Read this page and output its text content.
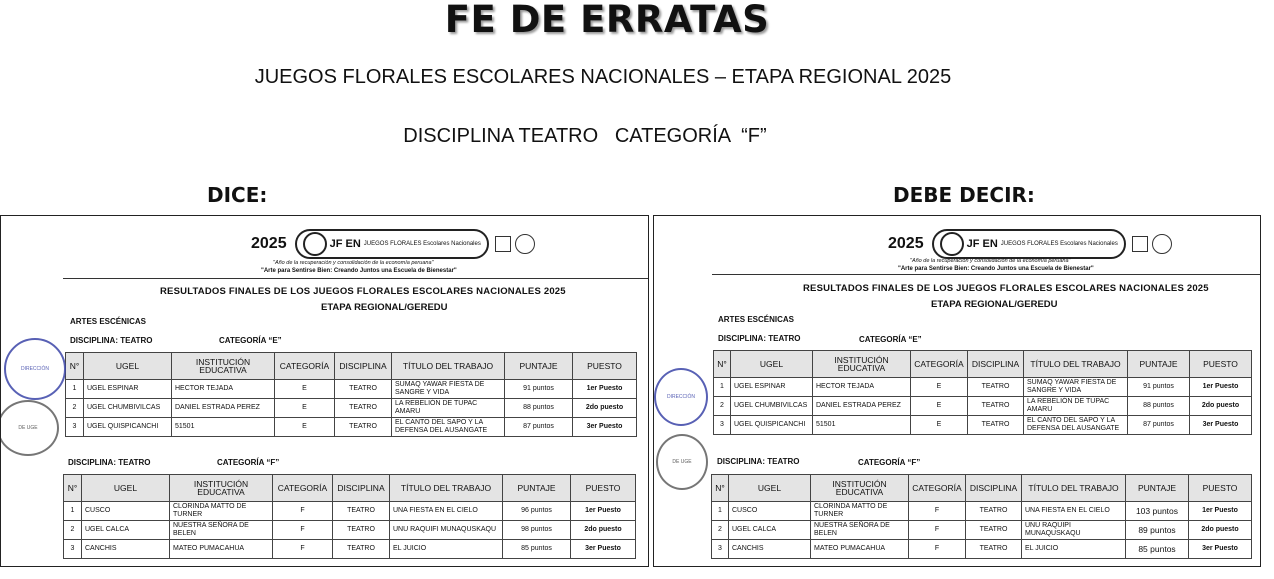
FE DE ERRATAS
JUEGOS FLORALES ESCOLARES NACIONALES – ETAPA REGIONAL 2025
DISCIPLINA TEATRO   CATEGORÍA  “F”
DICE:	DEBE DECIR:
2025	JF EN JUEGOS FLORALES Escolares Nacionales
"Año de la recuperación y consolidación de la economía peruana"
"Arte para Sentirse Bien: Creando Juntos una Escuela de Bienestar"
RESULTADOS FINALES DE LOS JUEGOS FLORALES ESCOLARES NACIONALES 2025
ETAPA REGIONAL/GEREDU
ARTES ESCÉNICAS
DISCIPLINA: TEATRO	CATEGORÍA “E”
N°	UGEL	INSTITUCIÓN EDUCATIVA	CATEGORÍA	DISCIPLINA	TÍTULO DEL TRABAJO	PUNTAJE	PUESTO
1	UGEL ESPINAR	HECTOR TEJADA	E	TEATRO	SUMAQ YAWAR FIESTA DE SANGRE Y VIDA	91 puntos	1er Puesto
2	UGEL CHUMBIVILCAS	DANIEL ESTRADA PEREZ	E	TEATRO	LA REBELIÓN DE TUPAC AMARU	88 puntos	2do puesto
3	UGEL QUISPICANCHI	51501	E	TEATRO	EL CANTO DEL SAPO Y LA DEFENSA DEL AUSANGATE	87 puntos	3er Puesto
DISCIPLINA: TEATRO	CATEGORÍA “F”
N°	UGEL	INSTITUCIÓN EDUCATIVA	CATEGORÍA	DISCIPLINA	TÍTULO DEL TRABAJO	PUNTAJE	PUESTO
1	CUSCO	CLORINDA MATTO DE TURNER	F	TEATRO	UNA FIESTA EN EL CIELO	96 puntos	1er Puesto
2	UGEL CALCA	NUESTRA SEÑORA DE BELEN	F	TEATRO	UNU RAQUIFI MUNAQUSKAQU	98 puntos	2do puesto
3	CANCHIS	MATEO PUMACAHUA	F	TEATRO	EL JUICIO	85 puntos	3er Puesto
DIRECCIÓN
DE UGE
2025	JF EN JUEGOS FLORALES Escolares Nacionales
"Año de la recuperación y consolidación de la economía peruana"
"Arte para Sentirse Bien: Creando Juntos una Escuela de Bienestar"
RESULTADOS FINALES DE LOS JUEGOS FLORALES ESCOLARES NACIONALES 2025
ETAPA REGIONAL/GEREDU
ARTES ESCÉNICAS
DISCIPLINA: TEATRO	CATEGORÍA “E”
N°	UGEL	INSTITUCIÓN EDUCATIVA	CATEGORÍA	DISCIPLINA	TÍTULO DEL TRABAJO	PUNTAJE	PUESTO
1	UGEL ESPINAR	HECTOR TEJADA	E	TEATRO	SUMAQ YAWAR FIESTA DE SANGRE Y VIDA	91 puntos	1er Puesto
2	UGEL CHUMBIVILCAS	DANIEL ESTRADA PEREZ	E	TEATRO	LA REBELIÓN DE TUPAC AMARU	88 puntos	2do puesto
3	UGEL QUISPICANCHI	51501	E	TEATRO	EL CANTO DEL SAPO Y LA DEFENSA DEL AUSANGATE	87 puntos	3er Puesto
DISCIPLINA: TEATRO	CATEGORÍA “F”
N°	UGEL	INSTITUCIÓN EDUCATIVA	CATEGORÍA	DISCIPLINA	TÍTULO DEL TRABAJO	PUNTAJE	PUESTO
1	CUSCO	CLORINDA MATTO DE TURNER	F	TEATRO	UNA FIESTA EN EL CIELO	103 puntos	1er Puesto
2	UGEL CALCA	NUESTRA SEÑORA DE BELEN	F	TEATRO	UNU RAQUIPI MUNAQUSKAQU	89 puntos	2do puesto
3	CANCHIS	MATEO PUMACAHUA	F	TEATRO	EL JUICIO	85 puntos	3er Puesto
DIRECCIÓN
DE UGE
